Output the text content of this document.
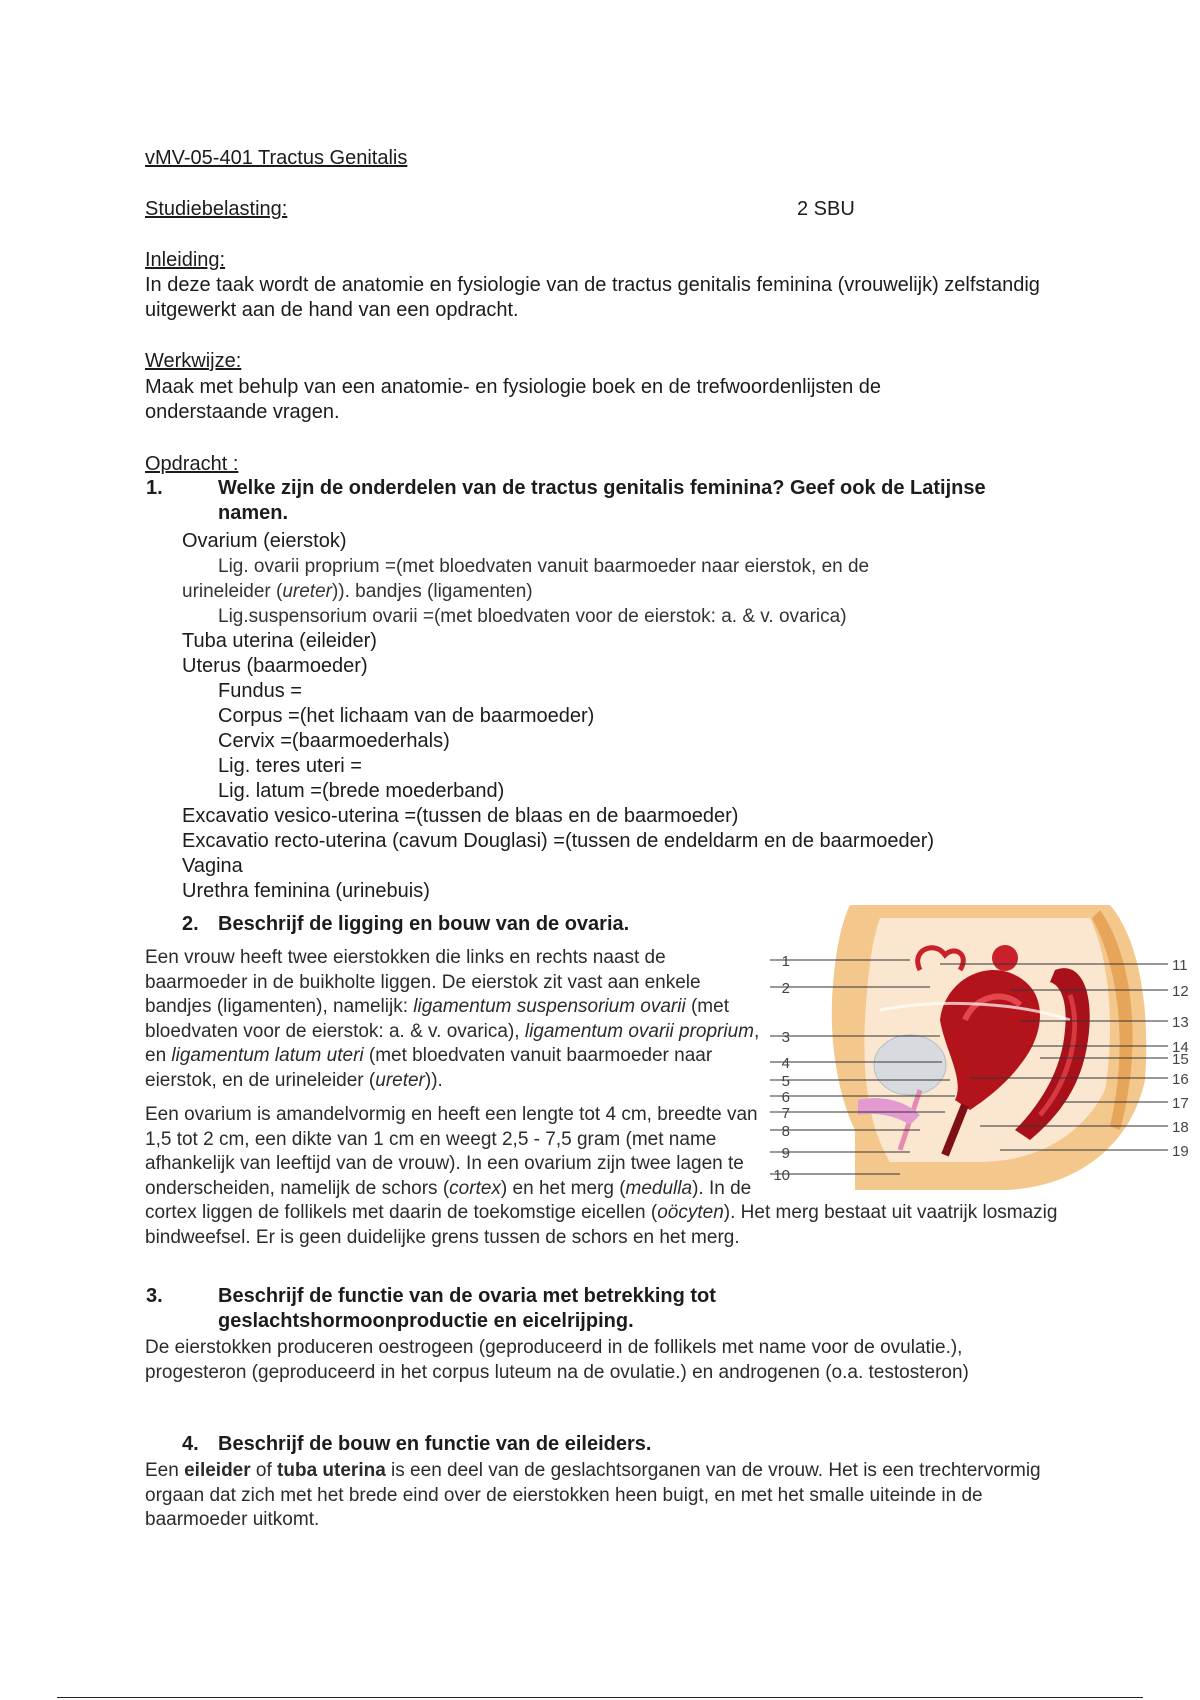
vMV-05-401 Tractus Genitalis
Studiebelasting:	2 SBU
Inleiding:
In deze taak wordt de anatomie en fysiologie van de tractus genitalis feminina (vrouwelijk) zelfstandig uitgewerkt aan de hand van een opdracht.
Werkwijze:
Maak met behulp van een anatomie- en fysiologie boek en de trefwoordenlijsten de onderstaande vragen.
Opdracht :
1.	Welke zijn de onderdelen van de tractus genitalis feminina? Geef ook de Latijnse namen.
Ovarium (eierstok)
Lig. ovarii proprium =(met bloedvaten vanuit baarmoeder naar eierstok, en de
urineleider (ureter)). bandjes (ligamenten)
Lig.suspensorium ovarii =(met bloedvaten voor de eierstok: a. & v. ovarica)
Tuba uterina (eileider)
Uterus (baarmoeder)
Fundus =
Corpus =(het lichaam van de baarmoeder)
Cervix =(baarmoederhals)
Lig. teres uteri =
Lig. latum =(brede moederband)
Excavatio vesico-uterina =(tussen de blaas en de baarmoeder)
Excavatio recto-uterina (cavum Douglasi) =(tussen de endeldarm en de baarmoeder)
Vagina
Urethra feminina (urinebuis)
2. Beschrijf de ligging en bouw van de ovaria.
Een vrouw heeft twee eierstokken die links en rechts naast de baarmoeder in de buikholte liggen. De eierstok zit vast aan enkele bandjes (ligamenten), namelijk: ligamentum suspensorium ovarii (met bloedvaten voor de eierstok: a. & v. ovarica), ligamentum ovarii proprium, en ligamentum latum uteri (met bloedvaten vanuit baarmoeder naar eierstok, en de urineleider (ureter)).
Een ovarium is amandelvormig en heeft een lengte tot 4 cm, breedte van 1,5 tot 2 cm, een dikte van 1 cm en weegt 2,5 - 7,5 gram (met name afhankelijk van leeftijd van de vrouw). In een ovarium zijn twee lagen te onderscheiden, namelijk de schors (cortex) en het merg (medulla). In de cortex liggen de follikels met daarin de toekomstige eicellen (oöcyten). Het merg bestaat uit vaatrijk losmazig bindweefsel. Er is geen duidelijke grens tussen de schors en het merg.
1
2
3
4
5
6
7
8
9
10
11
12
13
14
15
16
17
18
19
3.	Beschrijf de functie van de ovaria met betrekking tot geslachtshormoonproductie en eicelrijping.
De eierstokken produceren oestrogeen (geproduceerd in de follikels met name voor de ovulatie.), progesteron (geproduceerd in het corpus luteum na de ovulatie.) en androgenen (o.a. testosteron)
4. Beschrijf de bouw en functie van de eileiders.
Een eileider of tuba uterina is een deel van de geslachtsorganen van de vrouw. Het is een trechtervormig orgaan dat zich met het brede eind over de eierstokken heen buigt, en met het smalle uiteinde in de baarmoeder uitkomt.
